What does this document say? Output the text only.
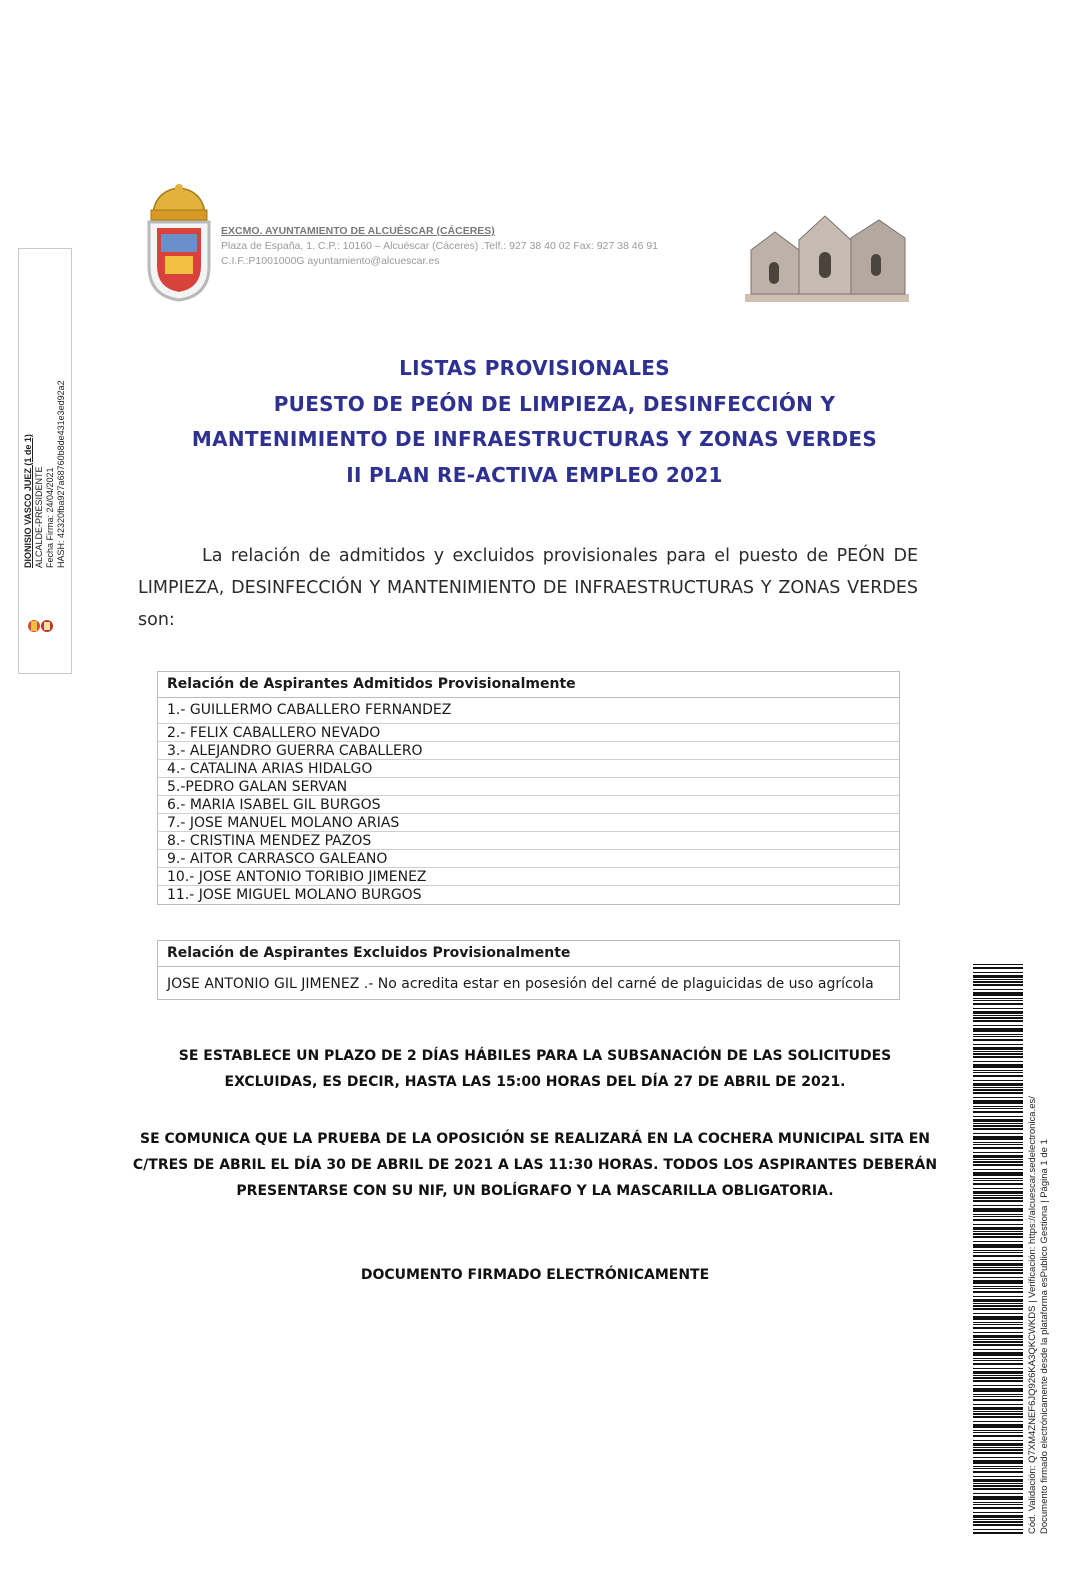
DIONISIO VASCO JUEZ (1 de 1) ALCALDE-PRESIDENTE Fecha Firma: 24/04/2021 HASH: 42320fba927a68760b8de431e3ed92a2
EXCMO. AYUNTAMIENTO DE ALCUÉSCAR (CÁCERES)
Plaza de España, 1. C.P.: 10160 – Alcuéscar (Cáceres) .Telf.: 927 38 40 02 Fax: 927 38 46 91
C.I.F.:P1001000G ayuntamiento@alcuescar.es
LISTAS PROVISIONALES
PUESTO DE PEÓN DE LIMPIEZA, DESINFECCIÓN Y
MANTENIMIENTO DE INFRAESTRUCTURAS Y ZONAS VERDES
II PLAN RE-ACTIVA EMPLEO 2021
La relación de admitidos y excluidos provisionales para el puesto de PEÓN DE LIMPIEZA, DESINFECCIÓN Y MANTENIMIENTO DE INFRAESTRUCTURAS Y ZONAS VERDES son:
Relación de Aspirantes Admitidos Provisionalmente
1.- GUILLERMO CABALLERO FERNANDEZ
2.- FELIX CABALLERO NEVADO
3.- ALEJANDRO GUERRA CABALLERO
4.- CATALINA ARIAS HIDALGO
5.-PEDRO GALAN SERVAN
6.- MARIA ISABEL GIL BURGOS
7.- JOSE MANUEL MOLANO ARIAS
8.- CRISTINA MENDEZ PAZOS
9.- AITOR CARRASCO GALEANO
10.- JOSE ANTONIO TORIBIO JIMENEZ
11.- JOSE MIGUEL MOLANO BURGOS
Relación de Aspirantes Excluidos Provisionalmente
JOSE ANTONIO GIL JIMENEZ .- No acredita estar en posesión del carné de plaguicidas de uso agrícola
SE ESTABLECE UN PLAZO DE 2 DÍAS HÁBILES PARA LA SUBSANACIÓN DE LAS SOLICITUDES EXCLUIDAS, ES DECIR, HASTA LAS 15:00 HORAS DEL DÍA 27 DE ABRIL DE 2021.
SE COMUNICA QUE LA PRUEBA DE LA OPOSICIÓN SE REALIZARÁ EN LA COCHERA MUNICIPAL SITA EN C/TRES DE ABRIL EL DÍA 30 DE ABRIL DE 2021 A LAS 11:30 HORAS. TODOS LOS ASPIRANTES DEBERÁN PRESENTARSE CON SU NIF, UN BOLÍGRAFO Y LA MASCARILLA OBLIGATORIA.
DOCUMENTO FIRMADO ELECTRÓNICAMENTE	Cód. Validación: Q7XM4ZNEF6JQ926KA3QKCWKDS | Verificación: https://alcuescar.sedelectronica.es/ Documento firmado electrónicamente desde la plataforma esPublico Gestiona | Página 1 de 1
